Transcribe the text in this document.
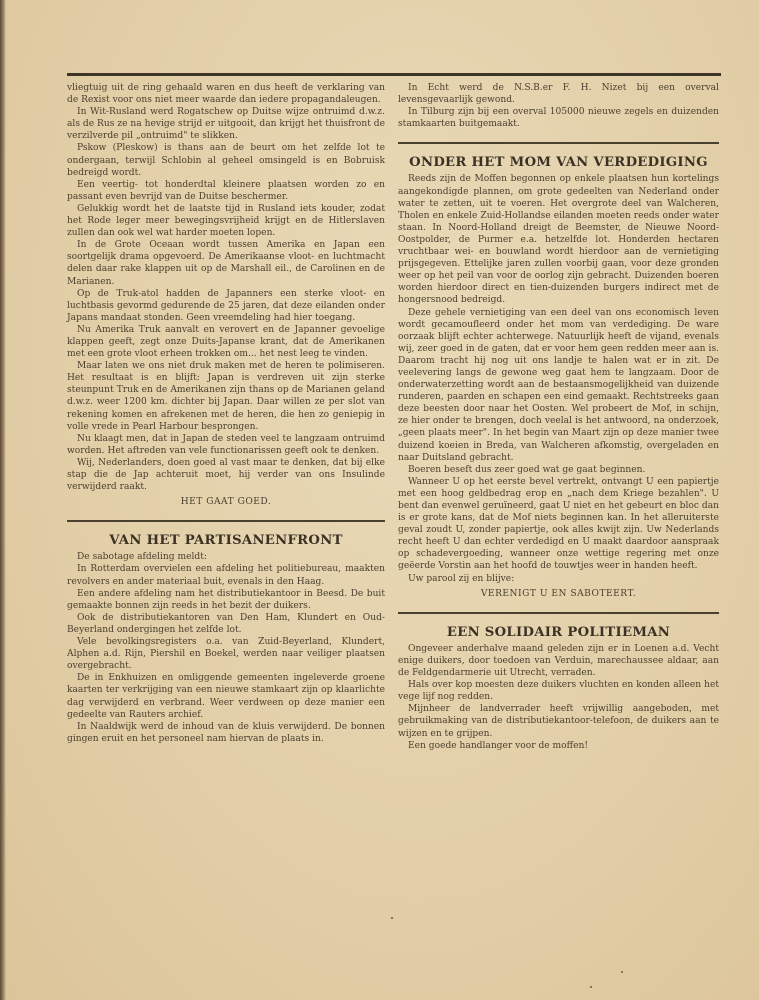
vliegtuig uit de ring gehaald waren en dus heeft de verklaring van de Rexist voor ons niet meer waarde dan iedere propagandaleugen.

In Wit-Rusland werd Rogatschew op Duitse wijze ontruimd d.w.z. als de Rus ze na hevige strijd er uitgooit, dan krijgt het thuisfront de verzilverde pil „ontruimd" te slikken.

Pskow (Pleskow) is thans aan de beurt om het zelfde lot te ondergaan, terwijl Schlobin al geheel omsingeld is en Bobruisk bedreigd wordt.

Een veertig- tot honderdtal kleinere plaatsen worden zo en passant even bevrijd van de Duitse beschermer.

Gelukkig wordt het de laatste tijd in Rusland iets kouder, zodat het Rode leger meer bewegingsvrijheid krijgt en de Hitlerslaven zullen dan ook wel wat harder moeten lopen.

In de Grote Oceaan wordt tussen Amerika en Japan een soortgelijk drama opgevoerd. De Amerikaanse vloot- en luchtmacht delen daar rake klappen uit op de Marshall eil., de Carolinen en de Marianen.

Op de Truk-atol hadden de Japanners een sterke vloot- en luchtbasis gevormd gedurende de 25 jaren, dat deze eilanden onder Japans mandaat stonden. Geen vreemdeling had hier toegang.

Nu Amerika Truk aanvalt en verovert en de Japanner gevoelige klappen geeft, zegt onze Duits-Japanse krant, dat de Amerikanen met een grote vloot erheen trokken om... het nest leeg te vinden.

Maar laten we ons niet druk maken met de heren te polimiseren. Het resultaat is en blijft: Japan is verdreven uit zijn sterke steunpunt Truk en de Amerikanen zijn thans op de Marianen geland d.w.z. weer 1200 km. dichter bij Japan. Daar willen ze per slot van rekening komen en afrekenen met de heren, die hen zo geniepig in volle vrede in Pearl Harbour besprongen.

Nu klaagt men, dat in Japan de steden veel te langzaam ontruimd worden. Het aftreden van vele functionarissen geeft ook te denken.

Wij, Nederlanders, doen goed al vast maar te denken, dat bij elke stap die de Jap achteruit moet, hij verder van ons Insulinde verwijderd raakt.

HET GAAT GOED.

VAN HET PARTISANENFRONT

De sabotage afdeling meldt:

In Rotterdam overvielen een afdeling het politiebureau, maakten revolvers en ander materiaal buit, evenals in den Haag.

Een andere afdeling nam het distributiekantoor in Beesd. De buit gemaakte bonnen zijn reeds in het bezit der duikers.

Ook de distributiekantoren van Den Ham, Klundert en Oud-Beyerland ondergingen het zelfde lot.

Vele bevolkingsregisters o.a. van Zuid-Beyerland, Klundert, Alphen a.d. Rijn, Piershil en Boekel, werden naar veiliger plaatsen overgebracht.

De in Enkhuizen en omliggende gemeenten ingeleverde groene kaarten ter verkrijging van een nieuwe stamkaart zijn op klaarlichte dag verwijderd en verbrand. Weer verdween op deze manier een gedeelte van Rauters archief.

In Naaldwijk werd de inhoud van de kluis verwijderd. De bonnen gingen eruit en het personeel nam hiervan de plaats in.

In Echt werd de N.S.B.er F. H. Nizet bij een overval levensgevaarlijk gewond.

In Tilburg zijn bij een overval 105000 nieuwe zegels en duizenden stamkaarten buitgemaakt.

ONDER HET MOM VAN VERDEDIGING

Reeds zijn de Moffen begonnen op enkele plaatsen hun kortelings aangekondigde plannen, om grote gedeelten van Nederland onder water te zetten, uit te voeren. Het overgrote deel van Walcheren, Tholen en enkele Zuid-Hollandse eilanden moeten reeds onder water staan. In Noord-Holland dreigt de Beemster, de Nieuwe Noord-Oostpolder, de Purmer e.a. hetzelfde lot. Honderden hectaren vruchtbaar wei- en bouwland wordt hierdoor aan de vernietiging prijsgegeven. Ettelijke jaren zullen voorbij gaan, voor deze gronden weer op het peil van voor de oorlog zijn gebracht. Duizenden boeren worden hierdoor direct en tien-duizenden burgers indirect met de hongersnood bedreigd.

Deze gehele vernietiging van een deel van ons economisch leven wordt gecamoufleerd onder het mom van verdediging. De ware oorzaak blijft echter achterwege. Natuurlijk heeft de vijand, evenals wij, zeer goed in de gaten, dat er voor hem geen redden meer aan is. Daarom tracht hij nog uit ons landje te halen wat er in zit. De veelevering langs de gewone weg gaat hem te langzaam. Door de onderwaterzetting wordt aan de bestaansmogelijkheid van duizende runderen, paarden en schapen een eind gemaakt. Rechtstreeks gaan deze beesten door naar het Oosten. Wel probeert de Mof, in schijn, ze hier onder te brengen, doch veelal is het antwoord, na onderzoek, „geen plaats meer". In het begin van Maart zijn op deze manier twee duizend koeien in Breda, van Walcheren afkomstig, overgeladen en naar Duitsland gebracht.

Boeren beseft dus zeer goed wat ge gaat beginnen.

Wanneer U op het eerste bevel vertrekt, ontvangt U een papiertje met een hoog geldbedrag erop en „nach dem Kriege bezahlen". U bent dan evenwel geruïneerd, gaat U niet en het gebeurt en bloc dan is er grote kans, dat de Mof niets beginnen kan. In het alleruiterste geval zoudt U, zonder papiertje, ook alles kwijt zijn. Uw Nederlands recht heeft U dan echter verdedigd en U maakt daardoor aanspraak op schadevergoeding, wanneer onze wettige regering met onze geëerde Vorstin aan het hoofd de touwtjes weer in handen heeft.

Uw parool zij en blijve:

VERENIGT U EN SABOTEERT.

EEN SOLIDAIR POLITIEMAN

Ongeveer anderhalve maand geleden zijn er in Loenen a.d. Vecht enige duikers, door toedoen van Verduin, marechaussee aldaar, aan de Feldgendarmerie uit Utrecht, verraden.

Hals over kop moesten deze duikers vluchten en konden alleen het vege lijf nog redden.

Mijnheer de landverrader heeft vrijwillig aangeboden, met gebruikmaking van de distributiekantoor-telefoon, de duikers aan te wijzen en te grijpen.

Een goede handlanger voor de moffen!
